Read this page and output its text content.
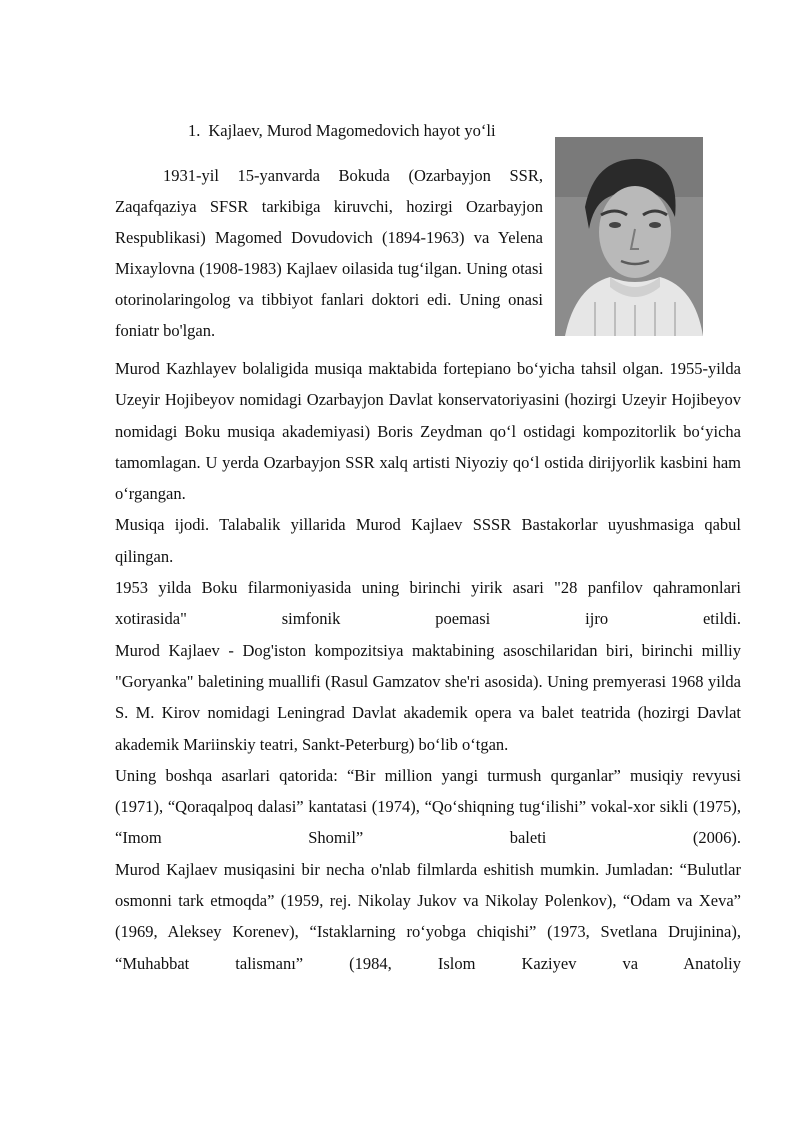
1. Kajlaev, Murod Magomedovich hayot yo‘li

1931-yil 15-yanvarda Bokuda (Ozarbayjon SSR, Zaqafqaziya SFSR tarkibiga kiruvchi, hozirgi Ozarbayjon Respublikasi) Magomed Dovudovich (1894-1963) va Yelena Mixaylovna (1908-1983) Kajlaev oilasida tug‘ilgan. Uning otasi otorinolaringolog va tibbiyot fanlari doktori edi. Uning onasi foniatr bo'lgan.

Murod Kazhlayev bolaligida musiqa maktabida fortepiano bo‘yicha tahsil olgan. 1955-yilda Uzeyir Hojibeyov nomidagi Ozarbayjon Davlat konservatoriyasini (hozirgi Uzeyir Hojibeyov nomidagi Boku musiqa akademiyasi) Boris Zeydman qo‘l ostidagi kompozitorlik bo‘yicha tamomlagan. U yerda Ozarbayjon SSR xalq artisti Niyoziy qo‘l ostida dirijyorlik kasbini ham o‘rgangan.

Musiqa ijodi. Talabalik yillarida Murod Kajlaev SSSR Bastakorlar uyushmasiga qabul qilingan.

1953 yilda Boku filarmoniyasida uning birinchi yirik asari "28 panfilov qahramonlari xotirasida" simfonik poemasi ijro etildi.

Murod Kajlaev - Dog'iston kompozitsiya maktabining asoschilaridan biri, birinchi milliy "Goryanka" baletining muallifi (Rasul Gamzatov she'ri asosida). Uning premyerasi 1968 yilda S. M. Kirov nomidagi Leningrad Davlat akademik opera va balet teatrida (hozirgi Davlat akademik Mariinskiy teatri, Sankt-Peterburg) bo‘lib o‘tgan.

Uning boshqa asarlari qatorida: “Bir million yangi turmush qurganlar” musiqiy revyusi (1971), “Qoraqalpoq dalasi” kantatasi (1974), “Qo‘shiqning tug‘ilishi” vokal-xor sikli (1975), “Imom Shomil” baleti (2006).

Murod Kajlaev musiqasini bir necha o'nlab filmlarda eshitish mumkin. Jumladan: “Bulutlar osmonni tark etmoqda” (1959, rej. Nikolay Jukov va Nikolay Polenkov), “Odam va Xeva” (1969, Aleksey Korenev), “Istaklarning ro‘yobga chiqishi” (1973, Svetlana Drujinina), “Muhabbat talismanı” (1984, Islom Kaziyev va Anatoliy
